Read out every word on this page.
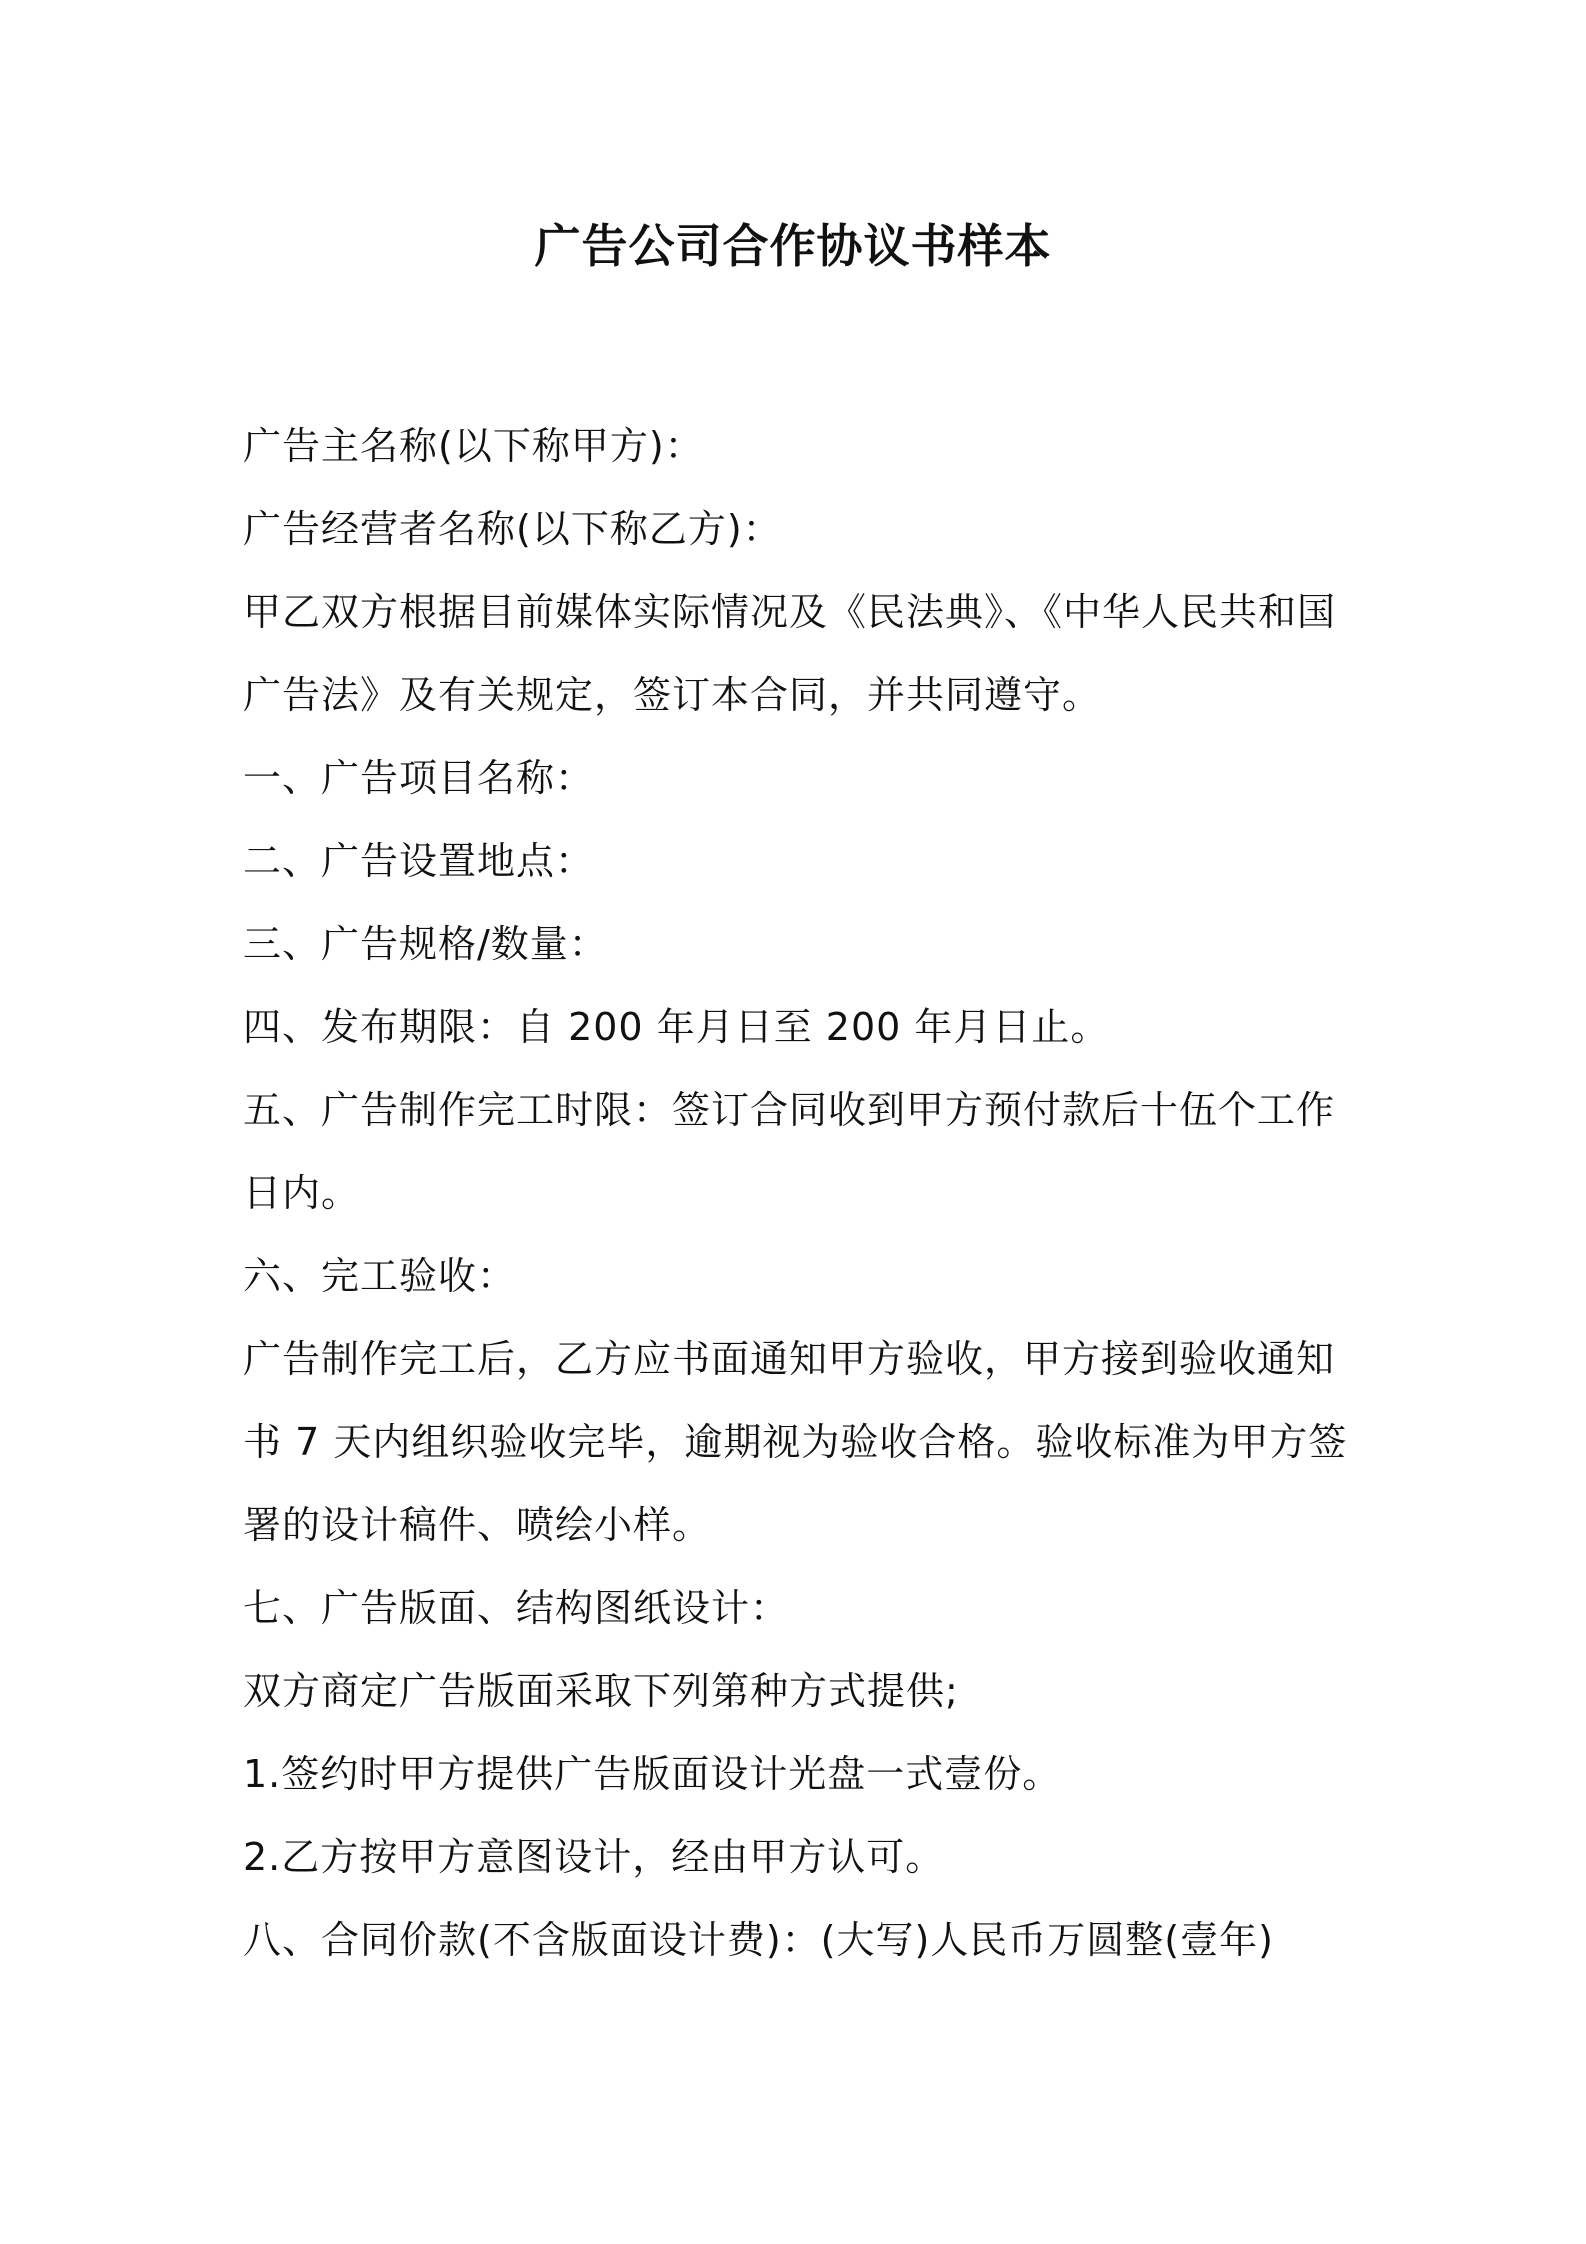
广告公司合作协议书样本
广告主名称(以下称甲方)：
广告经营者名称(以下称乙方)：
甲乙双方根据目前媒体实际情况及《民法典》、《中华人民共和国
广告法》及有关规定，签订本合同，并共同遵守。
一、广告项目名称：
二、广告设置地点：
三、广告规格/数量：
四、发布期限：自 200 年月日至 200 年月日止。
五、广告制作完工时限：签订合同收到甲方预付款后十伍个工作
日内。
六、完工验收：
广告制作完工后，乙方应书面通知甲方验收，甲方接到验收通知
书 7 天内组织验收完毕，逾期视为验收合格。验收标准为甲方签
署的设计稿件、喷绘小样。
七、广告版面、结构图纸设计：
双方商定广告版面采取下列第种方式提供;
1.签约时甲方提供广告版面设计光盘一式壹份。
2.乙方按甲方意图设计，经由甲方认可。
八、合同价款(不含版面设计费)：(大写)人民币万圆整(壹年)
